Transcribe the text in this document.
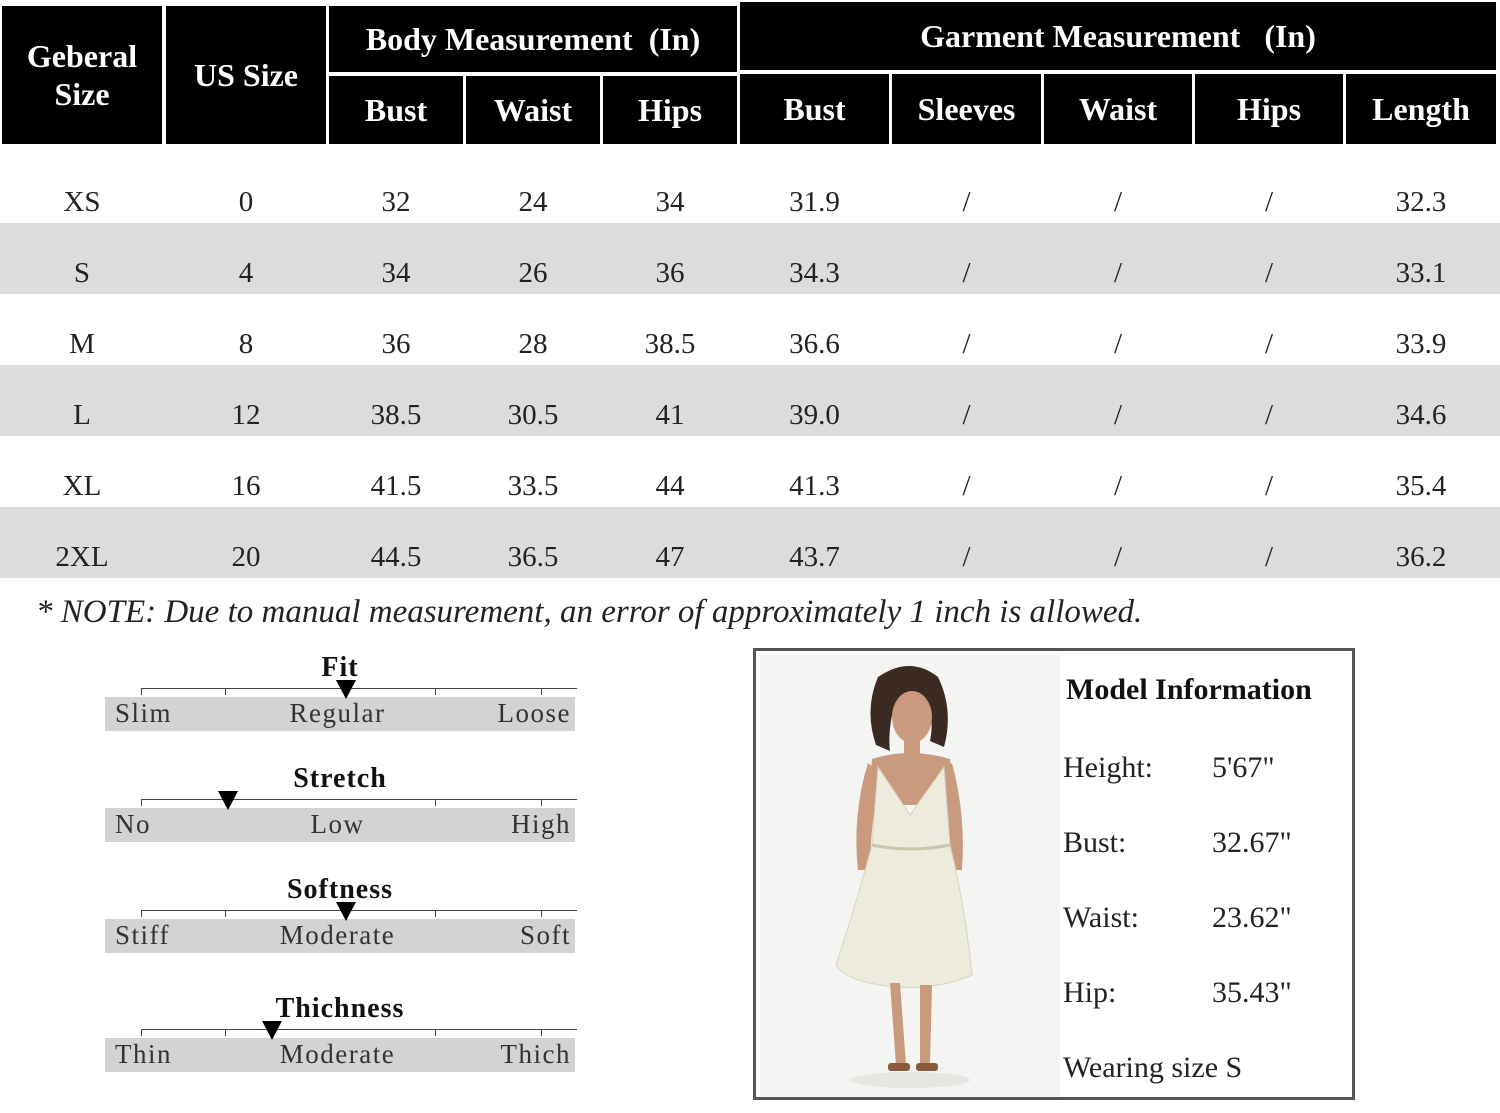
Geberal Size
US Size
Body Measurement  (In)	Garment Measurement   (In)
Bust	Waist	Hips	Bust	Sleeves	Waist	Hips	Length
XS	0	32	24	34	31.9	/	/	/	32.3
S	4	34	26	36	34.3	/	/	/	33.1
M	8	36	28	38.5	36.6	/	/	/	33.9
L	12	38.5	30.5	41	39.0	/	/	/	34.6
XL	16	41.5	33.5	44	41.3	/	/	/	35.4
2XL	20	44.5	36.5	47	43.7	/	/	/	36.2
* NOTE: Due to manual measurement, an error of approximately 1 inch is allowed.
Fit
Slim	Regular	Loose
Stretch
No	Low	High
Softness
Stiff	Moderate	Soft
Thichness
Thin	Moderate	Thich
Model Information
Height: 5'67"
Bust:	32.67"
Waist: 23.62"
Hip:	35.43"
Wearing size S
